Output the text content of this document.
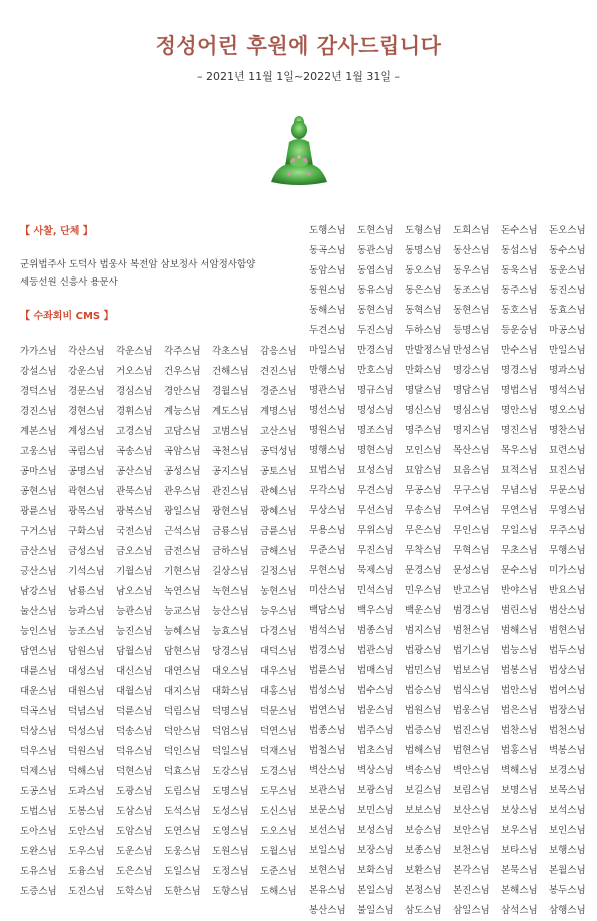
정성어린 후원에 감사드립니다
– 2021년 11월 1일~2022년 1월 31일 –
【 사찰, 단체 】
군위법주사 도덕사 법웅사 복전암 삼보정사 서암정사함양
세등선원 신흥사 용문사
【 수좌회비 CMS 】
가가스님	각산스님	각운스님	각주스님	각초스님	감응스님
강설스님	강운스님	거오스님	건우스님	건해스님	견진스님
경덕스님	경문스님	경심스님	경안스님	경월스님	경준스님
경진스님	경현스님	경휘스님	계능스님	계도스님	계명스님
계본스님	계성스님	고경스님	고담스님	고범스님	고산스님
고웅스님	곡림스님	곡송스님	곡암스님	곡천스님	공덕성님
공마스님	공명스님	공산스님	공성스님	공지스님	공토스님
공현스님	곽현스님	관묵스님	관우스님	관진스님	관혜스님
광륜스님	광목스님	광복스님	광일스님	광현스님	광혜스님
구거스님	구화스님	국전스님	근석스님	금룡스님	금륜스님
금산스님	금성스님	금오스님	금전스님	금하스님	금해스님
긍산스님	기석스님	기월스님	기현스님	길상스님	길정스님
남강스님	남룡스님	남오스님	녹연스님	녹현스님	농현스님
눌산스님	능과스님	능관스님	능교스님	능산스님	능우스님
능인스님	능조스님	능진스님	능혜스님	능효스님	다경스님
담연스님	담원스님	담월스님	담현스님	당경스님	대덕스님
대륜스님	대성스님	대신스님	대연스님	대오스님	대우스님
대운스님	대원스님	대월스님	대지스님	대화스님	대홍스님
덕곡스님	덕념스님	덕륜스님	덕림스님	덕명스님	덕문스님
덕상스님	덕성스님	덕송스님	덕안스님	덕엄스님	덕연스님
덕우스님	덕원스님	덕유스님	덕인스님	덕일스님	덕재스님
덕제스님	덕해스님	덕현스님	덕효스님	도강스님	도경스님
도공스님	도과스님	도광스님	도림스님	도명스님	도무스님
도법스님	도봉스님	도삼스님	도석스님	도성스님	도신스님
도아스님	도안스님	도암스님	도연스님	도영스님	도오스님
도완스님	도우스님	도운스님	도웅스님	도원스님	도월스님
도유스님	도융스님	도은스님	도일스님	도정스님	도준스님
도증스님	도진스님	도학스님	도한스님	도향스님	도해스님
도행스님	도현스님	도형스님	도희스님	돈수스님	돈오스님
동곡스님	동관스님	동명스님	동산스님	동섭스님	동수스님
동암스님	동엽스님	동오스님	동우스님	동욱스님	동운스님
동원스님	동유스님	동은스님	동조스님	동주스님	동진스님
동해스님	동현스님	동혁스님	동현스님	동호스님	동효스님
두견스님	두진스님	두하스님	등명스님	등운승님	마공스님
마일스님	만경스님	만발정스님 만성스님	만수스님	만일스님
만행스님	만호스님	만화스님	명강스님	명경스님	명과스님
명관스님	명규스님	명달스님	명담스님	명법스님	명석스님
명선스님	명성스님	명신스님	명심스님	명안스님	명오스님
명원스님	명조스님	명주스님	명지스님	명진스님	명찬스님
명행스님	명현스님	모인스님	목산스님	목우스님	묘련스님
묘법스님	묘성스님	묘암스님	묘음스님	묘적스님	묘진스님
무각스님	무견스님	무공스님	무구스님	무념스님	무문스님
무상스님	무선스님	무송스님	무여스님	무연스님	무영스님
무용스님	무위스님	무은스님	무인스님	무일스님	무주스님
무준스님	무진스님	무착스님	무혁스님	무초스님	무행스님
무현스님	묵제스님	문경스님	문성스님	문수스님	미가스님
미산스님	민석스님	민우스님	반고스님	반야스님	반요스님
백담스님	백우스님	백운스님	범경스님	범린스님	범산스님
범석스님	범종스님	범지스님	범천스님	범해스님	범현스님
법경스님	법관스님	법광스님	법기스님	법능스님	법두스님
법륜스님	법매스님	법민스님	법보스님	법봉스님	법상스님
법성스님	법수스님	법승스님	법식스님	법안스님	법여스님
법연스님	법운스님	법원스님	법웅스님	법은스님	법장스님
법종스님	법주스님	법증스님	법진스님	법찬스님	법천스님
법철스님	법초스님	법해스님	법현스님	법홍스님	벽봉스님
벽산스님	벽상스님	벽송스님	벽안스님	벽해스님	보경스님
보관스님	보광스님	보길스님	보림스님	보명스님	보목스님
보문스님	보민스님	보보스님	보산스님	보상스님	보석스님
보선스님	보성스님	보승스님	보안스님	보우스님	보인스님
보일스님	보장스님	보종스님	보천스님	보타스님	보행스님
보현스님	보화스님	보환스님	본각스님	본묵스님	본월스님
본유스님	본일스님	본정스님	본진스님	본해스님	봉두스님
봉산스님	불일스님	삼도스님	삼일스님	삼석스님	삼행스님
